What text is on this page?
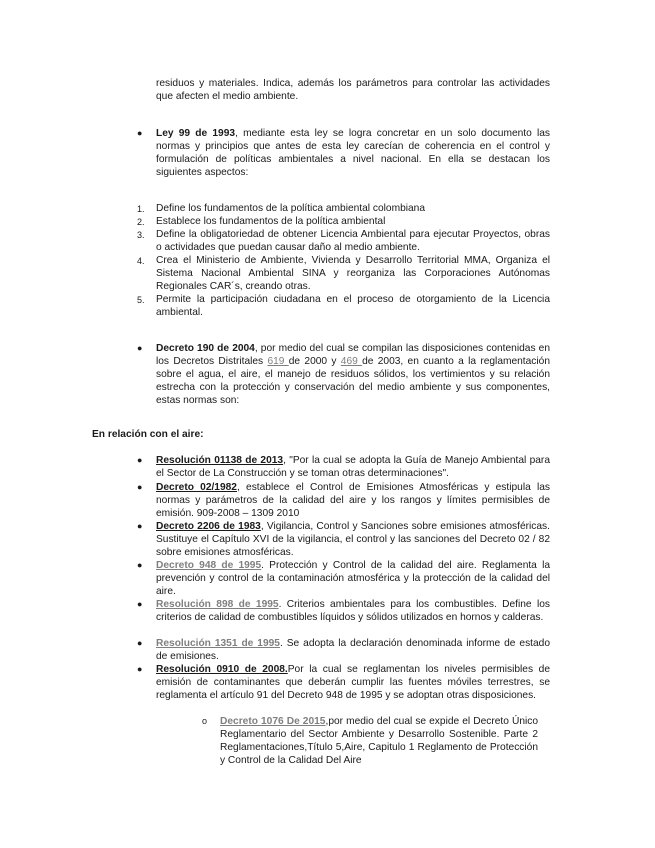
residuos y materiales. Indica, además los parámetros para controlar las actividades que afecten el medio ambiente.

● Ley 99 de 1993, mediante esta ley se logra concretar en un solo documento las normas y principios que antes de esta ley carecían de coherencia en el control y formulación de políticas ambientales a nivel nacional. En ella se destacan los siguientes aspectos:

1. Define los fundamentos de la política ambiental colombiana

2. Establece los fundamentos de la política ambiental

3. Define la obligatoriedad de obtener Licencia Ambiental para ejecutar Proyectos, obras o actividades que puedan causar daño al medio ambiente.

4. Crea el Ministerio de Ambiente, Vivienda y Desarrollo Territorial MMA, Organiza el Sistema Nacional Ambiental SINA y reorganiza las Corporaciones Autónomas Regionales CAR´s, creando otras.

5. Permite la participación ciudadana en el proceso de otorgamiento de la Licencia ambiental.

● Decreto 190 de 2004, por medio del cual se compilan las disposiciones contenidas en los Decretos Distritales 619 de 2000 y 469 de 2003, en cuanto a la reglamentación sobre el agua, el aire, el manejo de residuos sólidos, los vertimientos y su relación estrecha con la protección y conservación del medio ambiente y sus componentes, estas normas son:

En relación con el aire:
● Resolución 01138 de 2013, "Por la cual se adopta la Guía de Manejo Ambiental para el Sector de La Construcción y se toman otras determinaciones".

● Decreto 02/1982, establece el Control de Emisiones Atmosféricas y estipula las normas y parámetros de la calidad del aire y los rangos y límites permisibles de emisión. 909-2008 – 1309 2010

● Decreto 2206 de 1983, Vigilancia, Control y Sanciones sobre emisiones atmosféricas. Sustituye el Capítulo XVI de la vigilancia, el control y las sanciones del Decreto 02 / 82 sobre emisiones atmosféricas.

● Decreto 948 de 1995. Protección y Control de la calidad del aire. Reglamenta la prevención y control de la contaminación atmosférica y la protección de la calidad del aire.

● Resolución 898 de 1995. Criterios ambientales para los combustibles. Define los criterios de calidad de combustibles líquidos y sólidos utilizados en hornos y calderas.

● Resolución 1351 de 1995. Se adopta la declaración denominada informe de estado de emisiones.

● Resolución 0910 de 2008.Por la cual se reglamentan los niveles permisibles de emisión de contaminantes que deberán cumplir las fuentes móviles terrestres, se reglamenta el artículo 91 del Decreto 948 de 1995 y se adoptan otras disposiciones.

o Decreto 1076 De 2015,por medio del cual se expide el Decreto Único Reglamentario del Sector Ambiente y Desarrollo Sostenible. Parte 2 Reglamentaciones,Título 5,Aire, Capitulo 1 Reglamento de Protección y Control de la Calidad Del Aire
